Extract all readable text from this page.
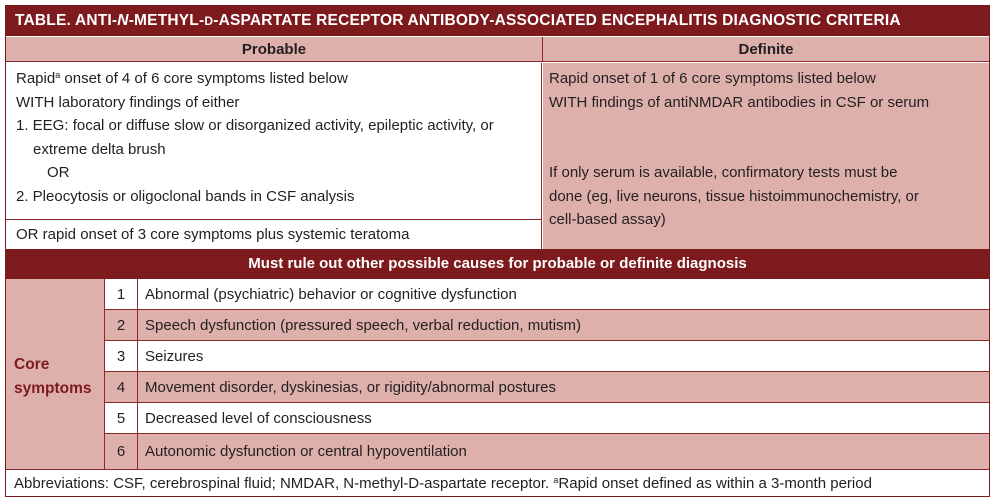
TABLE. ANTI-N-METHYL-D-ASPARTATE RECEPTOR ANTIBODY-ASSOCIATED ENCEPHALITIS DIAGNOSTIC CRITERIA
Probable	Definite
Rapid$^a$ onset of 4 of 6 core symptoms listed below
WITH laboratory findings of either
1. EEG: focal or diffuse slow or disorganized activity, epileptic activity, or
extreme delta brush
OR
2. Pleocytosis or oligoclonal bands in CSF analysis
OR rapid onset of 3 core symptoms plus systemic teratoma
Rapid onset of 1 of 6 core symptoms listed below
WITH findings of antiNMDAR antibodies in CSF or serum
If only serum is available, confirmatory tests must be
done (eg, live neurons, tissue histoimmunochemistry, or
cell-based assay)
Must rule out other possible causes for probable or definite diagnosis
Core
symptoms
1	Abnormal (psychiatric) behavior or cognitive dysfunction
2	Speech dysfunction (pressured speech, verbal reduction, mutism)
3	Seizures
4	Movement disorder, dyskinesias, or rigidity/abnormal postures
5	Decreased level of consciousness
6	Autonomic dysfunction or central hypoventilation
Abbreviations: CSF, cerebrospinal fluid; NMDAR, N-methyl-D-aspartate receptor. $^a$Rapid onset defined as within a 3-month period
